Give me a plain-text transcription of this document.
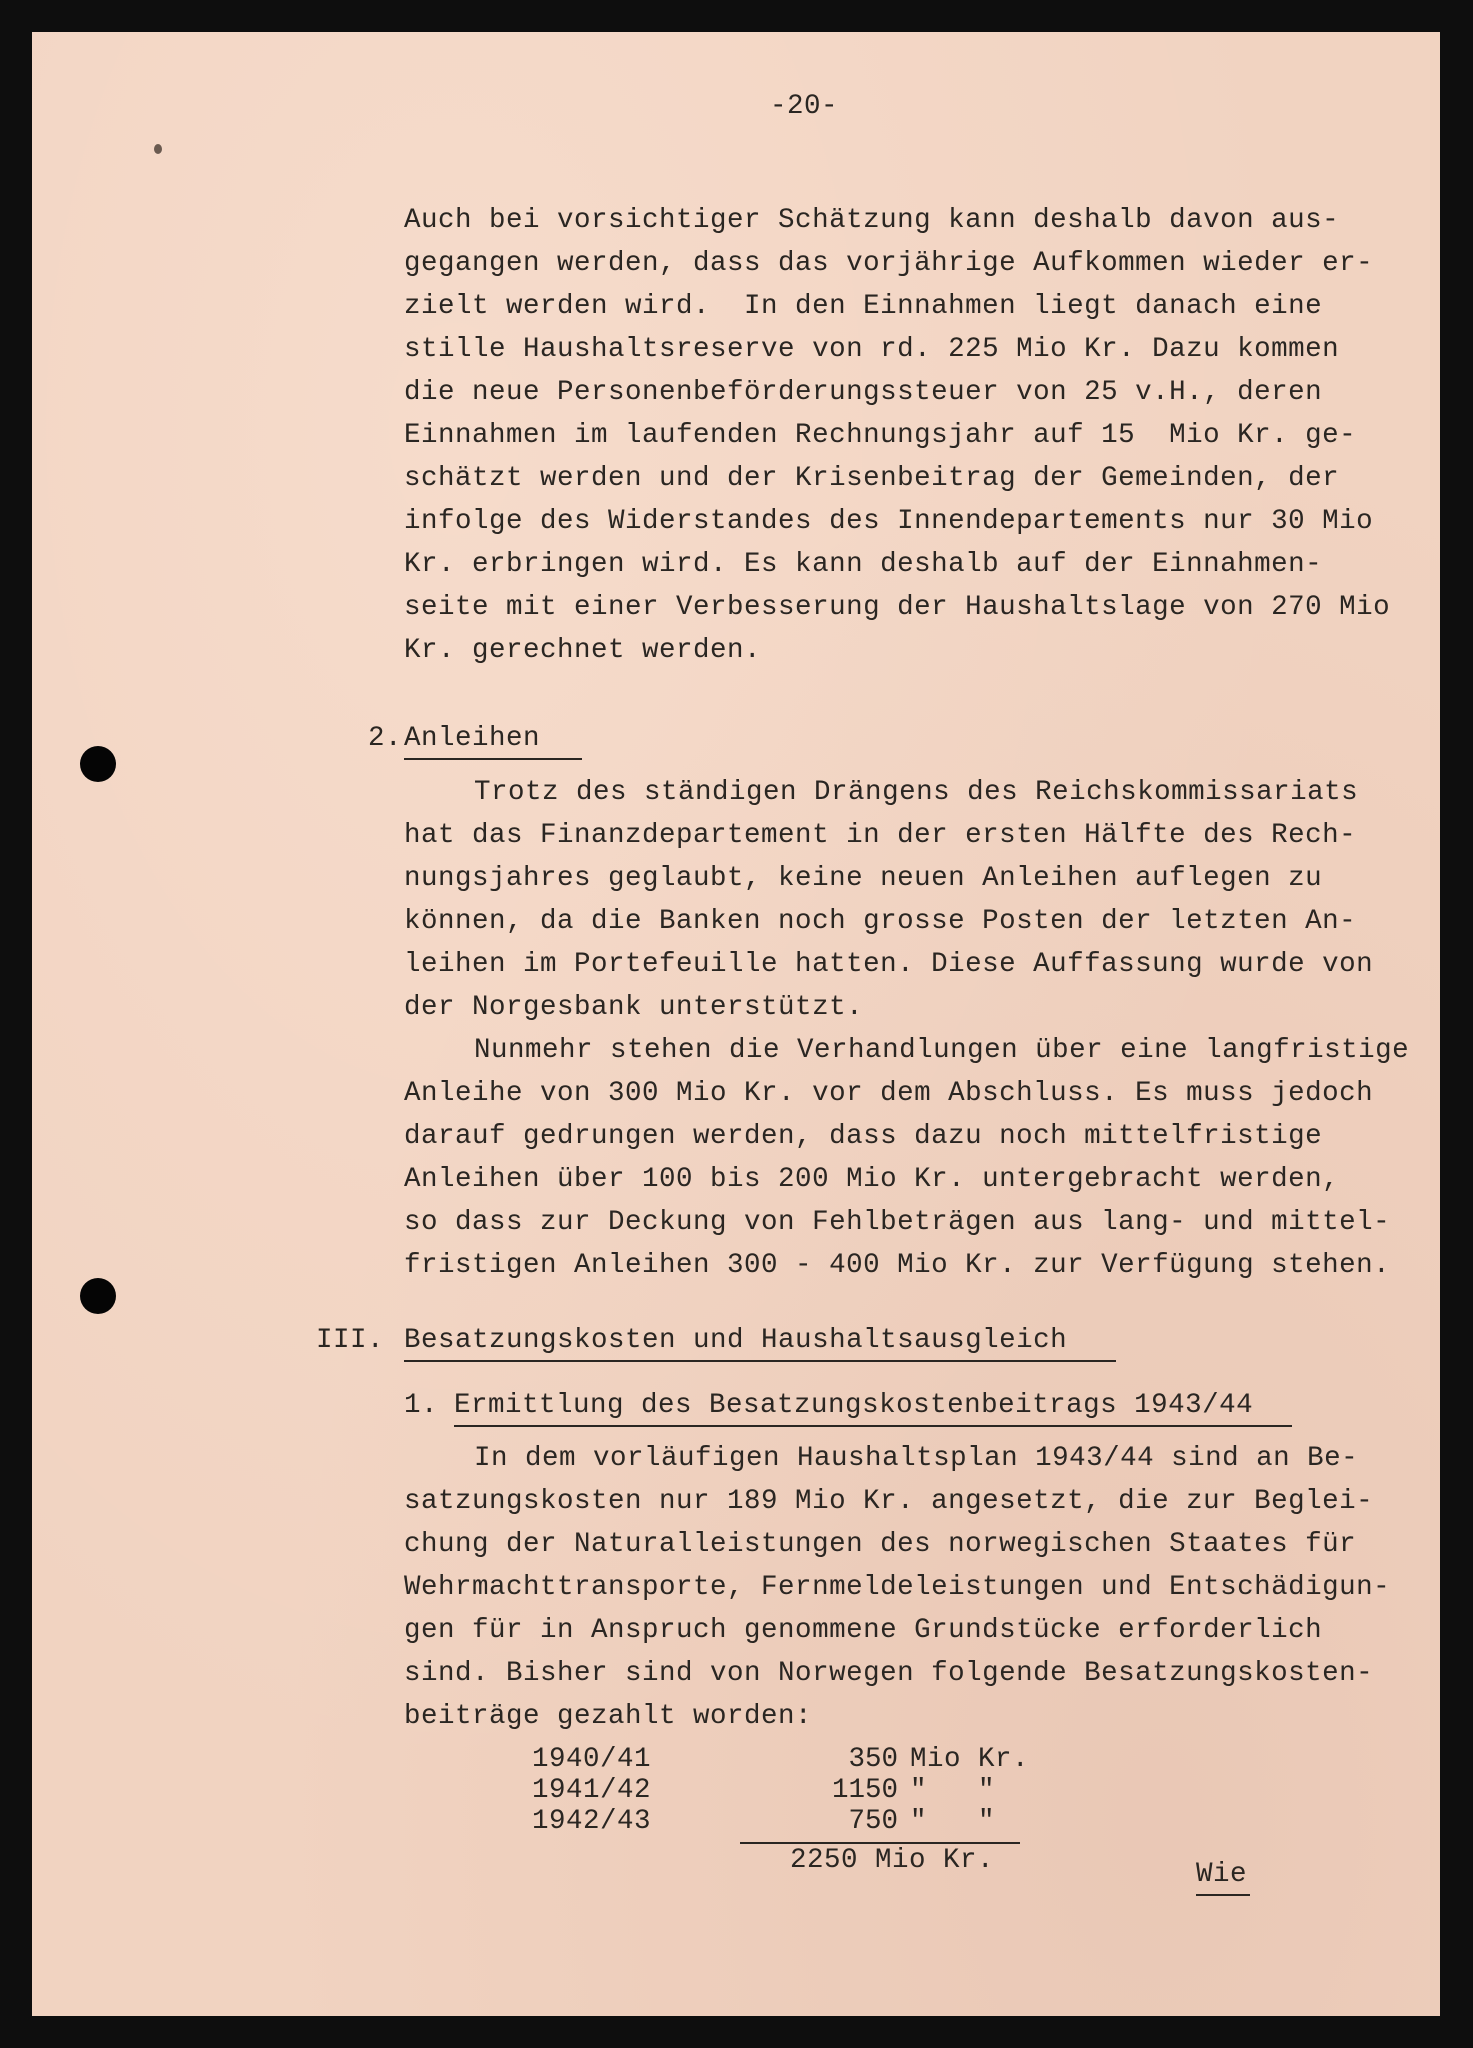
-20-
Auch bei vorsichtiger Schätzung kann deshalb davon aus-
gegangen werden, dass das vorjährige Aufkommen wieder er-
zielt werden wird.  In den Einnahmen liegt danach eine
stille Haushaltsreserve von rd. 225 Mio Kr. Dazu kommen
die neue Personenbeförderungssteuer von 25 v.H., deren
Einnahmen im laufenden Rechnungsjahr auf 15  Mio Kr. ge-
schätzt werden und der Krisenbeitrag der Gemeinden, der
infolge des Widerstandes des Innendepartements nur 30 Mio
Kr. erbringen wird. Es kann deshalb auf der Einnahmen-
seite mit einer Verbesserung der Haushaltslage von 270 Mio
Kr. gerechnet werden.
2. Anleihen
Trotz des ständigen Drängens des Reichskommissariats
hat das Finanzdepartement in der ersten Hälfte des Rech-
nungsjahres geglaubt, keine neuen Anleihen auflegen zu
können, da die Banken noch grosse Posten der letzten An-
leihen im Portefeuille hatten. Diese Auffassung wurde von
der Norgesbank unterstützt.
Nunmehr stehen die Verhandlungen über eine langfristige
Anleihe von 300 Mio Kr. vor dem Abschluss. Es muss jedoch
darauf gedrungen werden, dass dazu noch mittelfristige
Anleihen über 100 bis 200 Mio Kr. untergebracht werden,
so dass zur Deckung von Fehlbeträgen aus lang- und mittel-
fristigen Anleihen 300 - 400 Mio Kr. zur Verfügung stehen.
III. Besatzungskosten und Haushaltsausgleich
1. Ermittlung des Besatzungskostenbeitrags 1943/44
In dem vorläufigen Haushaltsplan 1943/44 sind an Be-
satzungskosten nur 189 Mio Kr. angesetzt, die zur Beglei-
chung der Naturalleistungen des norwegischen Staates für
Wehrmachttransporte, Fernmeldeleistungen und Entschädigun-
gen für in Anspruch genommene Grundstücke erforderlich
sind. Bisher sind von Norwegen folgende Besatzungskosten-
beiträge gezahlt worden:
1940/41	350 Mio Kr.
1941/42	1150 "   "
1942/43	750 "   "
2250 Mio Kr.	Wie
